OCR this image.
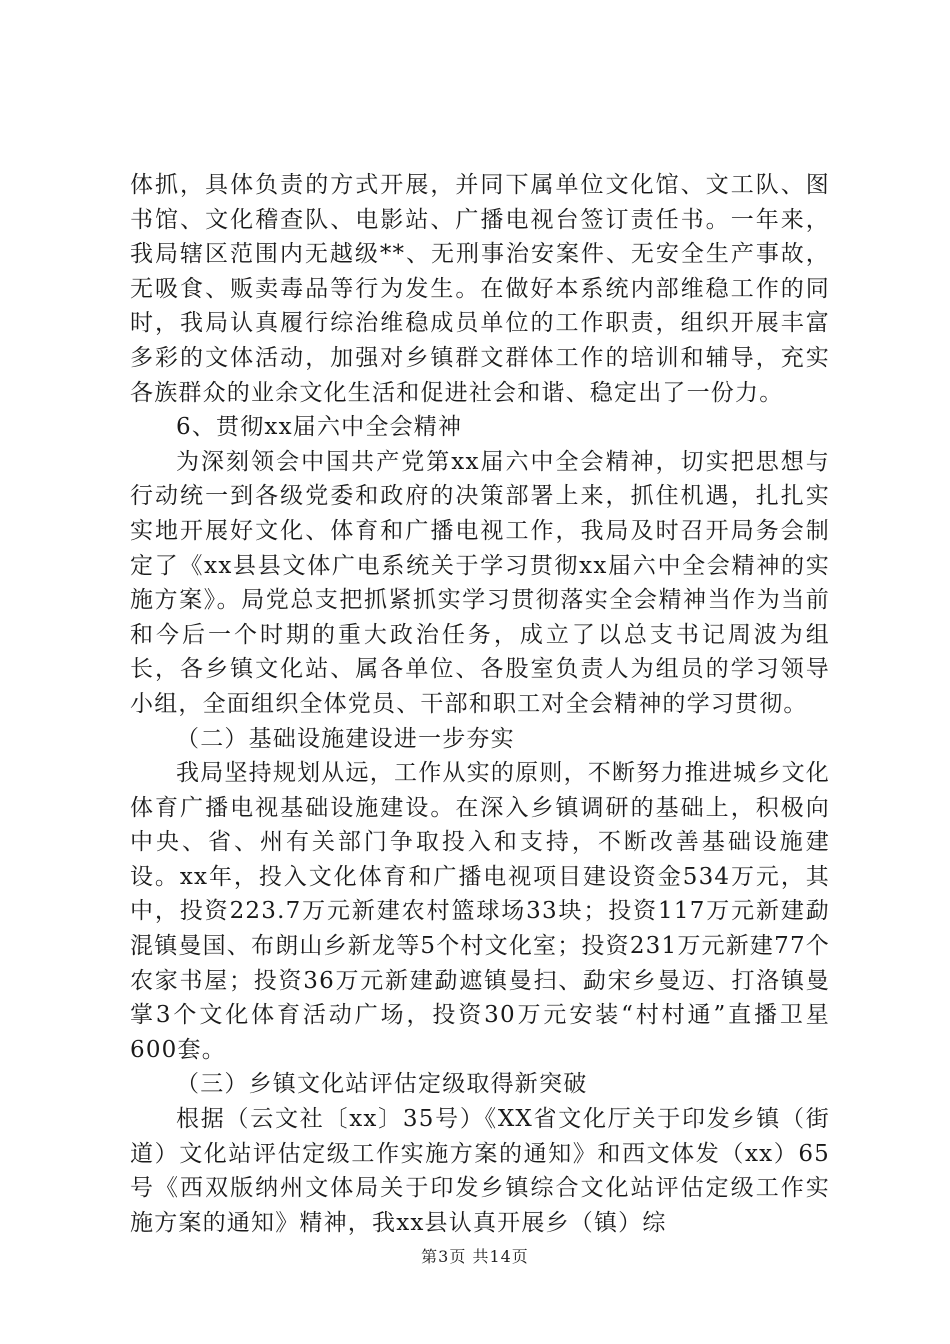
体抓，具体负责的方式开展，并同下属单位文化馆、文工队、图书馆、文化稽查队、电影站、广播电视台签订责任书。一年来，我局辖区范围内无越级**、无刑事治安案件、无安全生产事故，无吸食、贩卖毒品等行为发生。在做好本系统内部维稳工作的同时，我局认真履行综治维稳成员单位的工作职责，组织开展丰富多彩的文体活动，加强对乡镇群文群体工作的培训和辅导，充实各族群众的业余文化生活和促进社会和谐、稳定出了一份力。

6、贯彻xx届六中全会精神

为深刻领会中国共产党第xx届六中全会精神，切实把思想与行动统一到各级党委和政府的决策部署上来，抓住机遇，扎扎实实地开展好文化、体育和广播电视工作，我局及时召开局务会制定了《xx县县文体广电系统关于学习贯彻xx届六中全会精神的实施方案》。局党总支把抓紧抓实学习贯彻落实全会精神当作为当前和今后一个时期的重大政治任务，成立了以总支书记周波为组长，各乡镇文化站、属各单位、各股室负责人为组员的学习领导小组，全面组织全体党员、干部和职工对全会精神的学习贯彻。

（二）基础设施建设进一步夯实

我局坚持规划从远，工作从实的原则，不断努力推进城乡文化体育广播电视基础设施建设。在深入乡镇调研的基础上，积极向中央、省、州有关部门争取投入和支持，不断改善基础设施建设。xx年，投入文化体育和广播电视项目建设资金534万元，其中，投资223.7万元新建农村篮球场33块；投资117万元新建勐混镇曼国、布朗山乡新龙等5个村文化室；投资231万元新建77个农家书屋；投资36万元新建勐遮镇曼扫、勐宋乡曼迈、打洛镇曼掌3个文化体育活动广场，投资30万元安装“村村通”直播卫星600套。

（三）乡镇文化站评估定级取得新突破

根据（云文社〔xx〕35号）《XX省文化厅关于印发乡镇（街道）文化站评估定级工作实施方案的通知》和西文体发（xx）65号《西双版纳州文体局关于印发乡镇综合文化站评估定级工作实施方案的通知》精神，我xx县认真开展乡（镇）综

第3页 共14页
